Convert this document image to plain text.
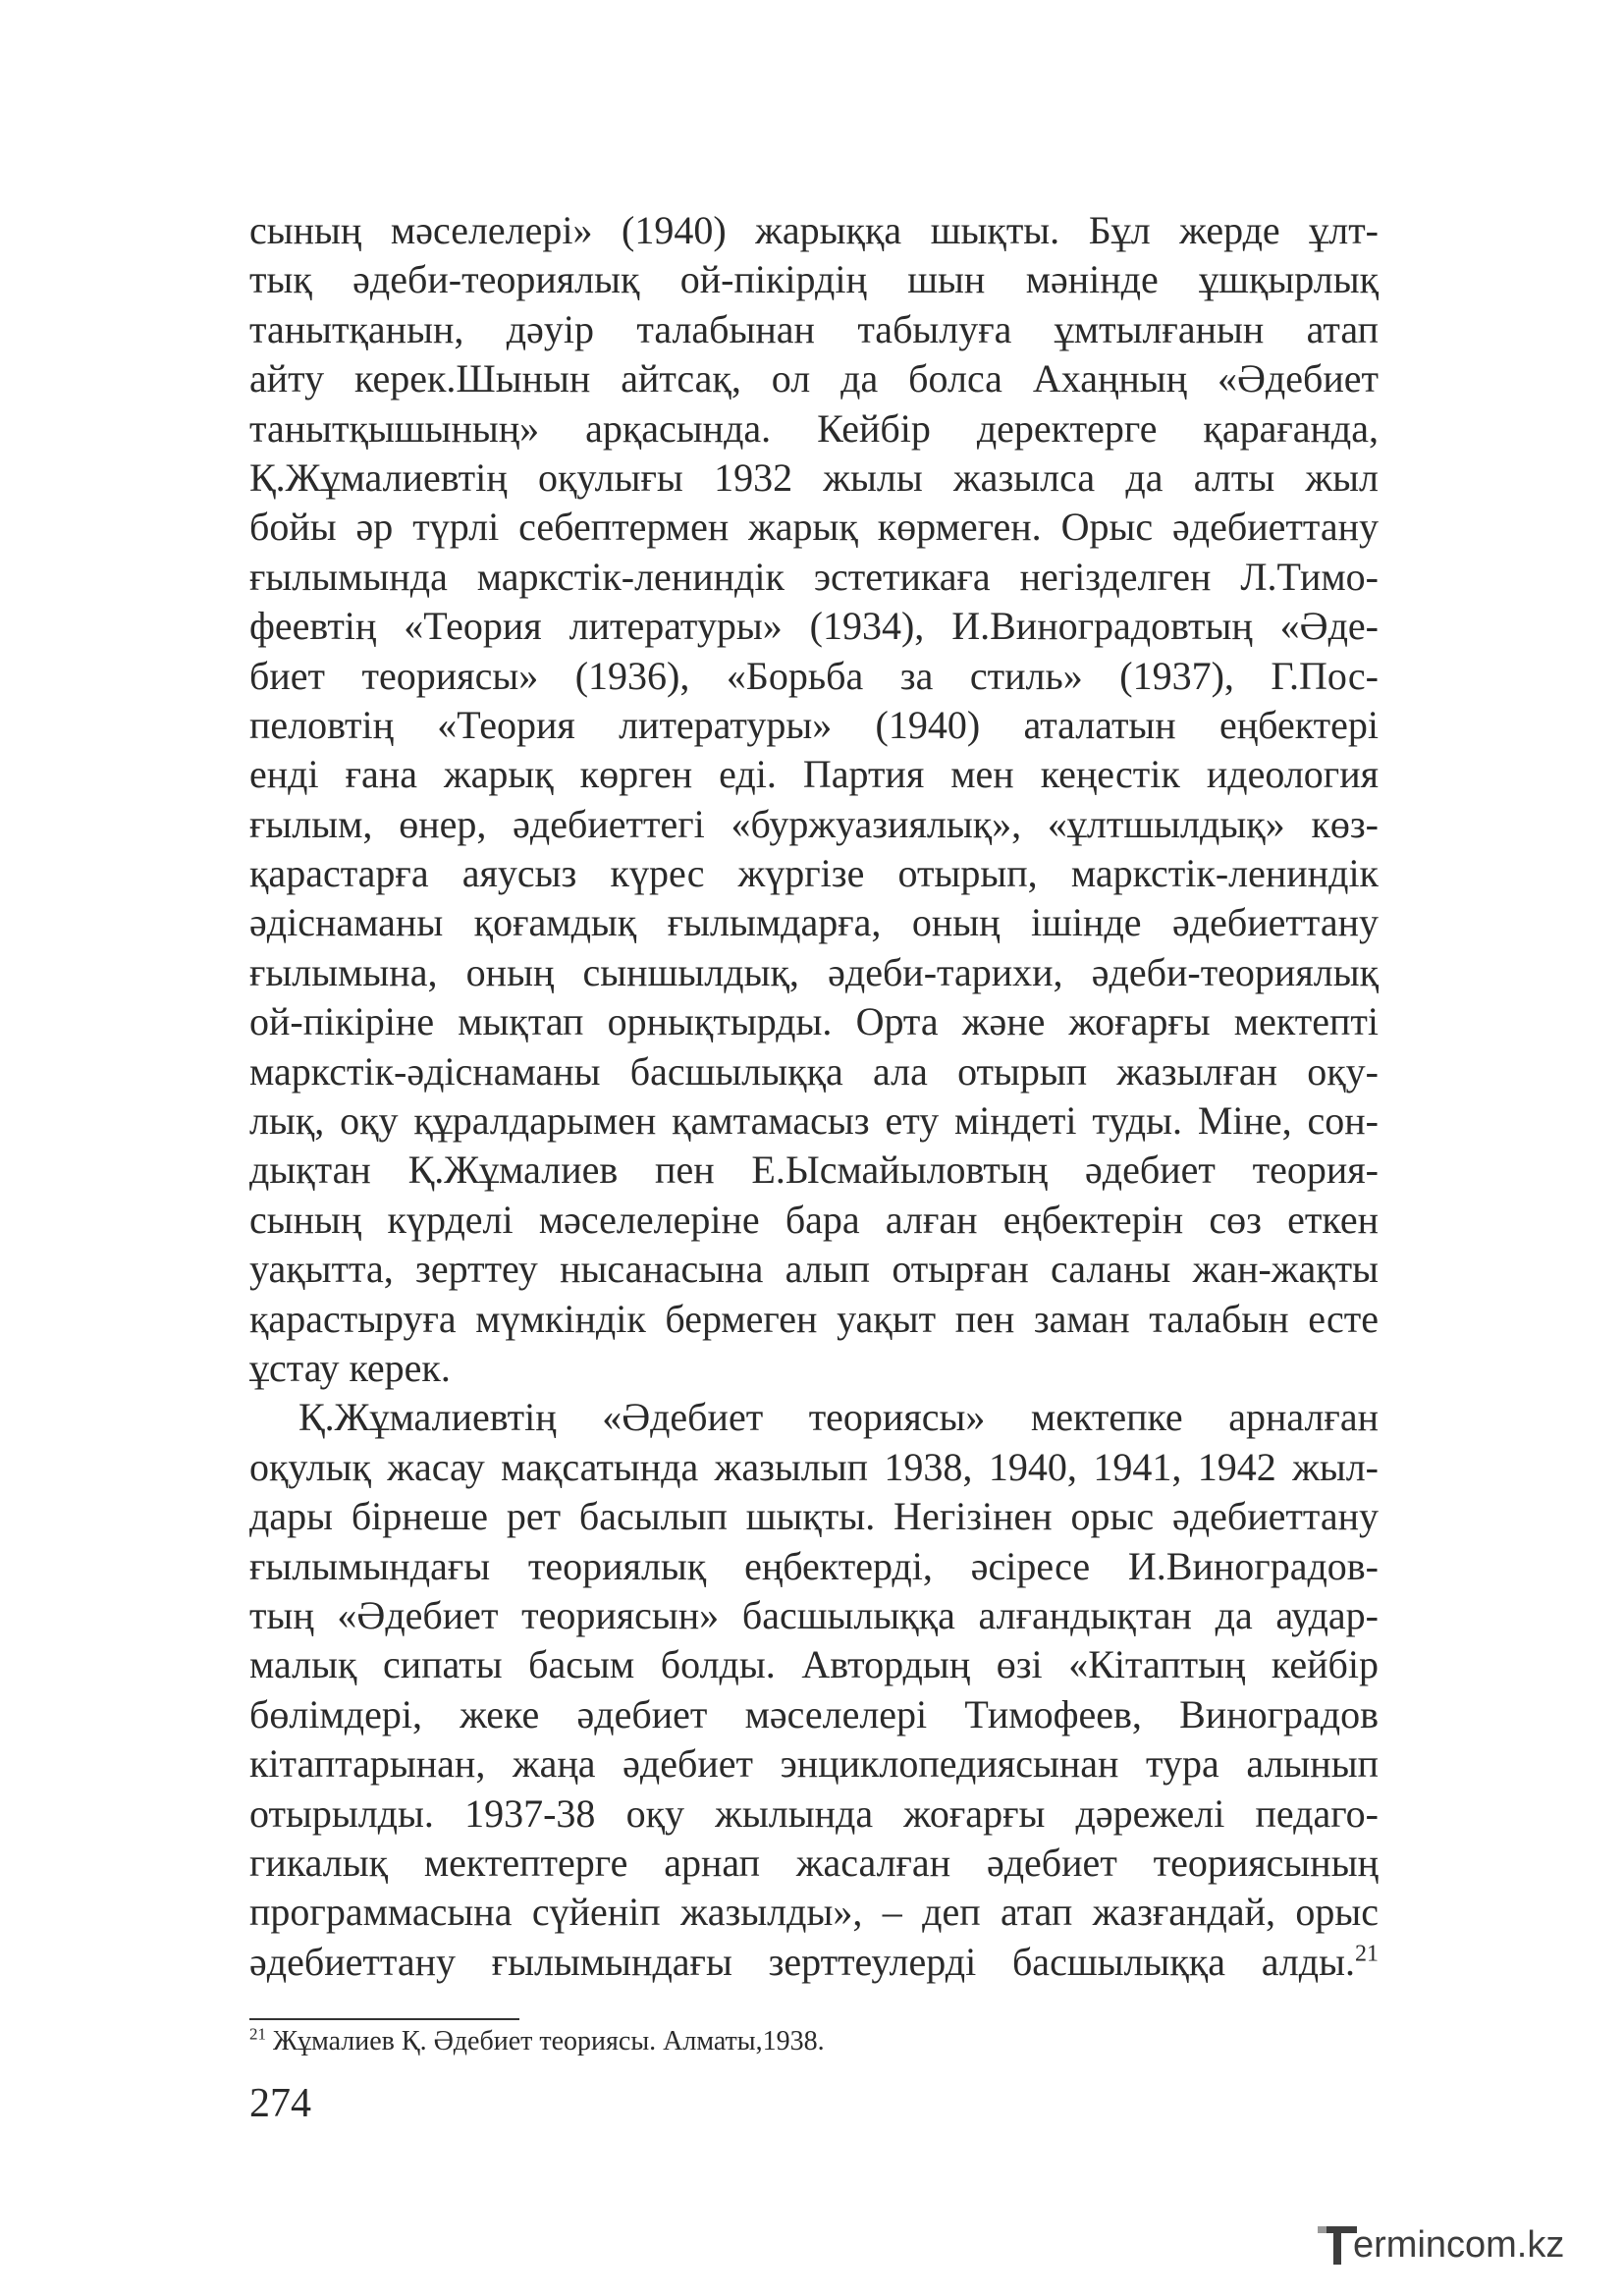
сының мәселелері» (1940) жарыққа шықты. Бұл жерде ұлт-
тық әдеби-теориялық ой-пікірдің шын мәнінде ұшқырлық
танытқанын, дәуір талабынан табылуға ұмтылғанын атап
айту керек.Шынын айтсақ, ол да болса Ахаңның «Әдебиет
танытқышының» арқасында. Кейбір деректерге қарағанда,
Қ.Жұмалиевтің оқулығы 1932 жылы жазылса да алты жыл
бойы әр түрлі себептермен жарық көрмеген. Орыс әдебиеттану
ғылымында маркстік-лениндік эстетикаға негізделген Л.Тимо-
феевтің «Теория литературы» (1934), И.Виноградовтың «Әде-
биет теориясы» (1936), «Борьба за стиль» (1937), Г.Пос-
пеловтің «Теория литературы» (1940) аталатын еңбектері
енді ғана жарық көрген еді. Партия мен кеңестік идеология
ғылым, өнер, әдебиеттегі «буржуазиялық», «ұлтшылдық» көз-
қарастарға аяусыз күрес жүргізе отырып, маркстік-лениндік
әдіснаманы қоғамдық ғылымдарға, оның ішінде әдебиеттану
ғылымына, оның сыншылдық, әдеби-тарихи, әдеби-теориялық
ой-пікіріне мықтап орнықтырды. Орта және жоғарғы мектепті
маркстік-әдіснаманы басшылыққа ала отырып жазылған оқу-
лық, оқу құралдарымен қамтамасыз ету міндеті туды. Міне, сон-
дықтан Қ.Жұмалиев пен Е.Ысмайыловтың әдебиет теория-
сының күрделі мәселелеріне бара алған еңбектерін сөз еткен
уақытта, зерттеу нысанасына алып отырған саланы жан-жақты
қарастыруға мүмкіндік бермеген уақыт пен заман талабын есте
ұстау керек.
Қ.Жұмалиевтің «Әдебиет теориясы» мектепке арналған
оқулық жасау мақсатында жазылып 1938, 1940, 1941, 1942 жыл-
дары бірнеше рет басылып шықты. Негізінен орыс әдебиеттану
ғылымындағы теориялық еңбектерді, әсіресе И.Виноградов-
тың «Әдебиет теориясын» басшылыққа алғандықтан да аудар-
малық сипаты басым болды. Автордың өзі «Кітаптың кейбір
бөлімдері, жеке әдебиет мәселелері Тимофеев, Виноградов
кітаптарынан, жаңа әдебиет энциклопедиясынан тура алынып
отырылды. 1937-38 оқу жылында жоғарғы дәрежелі педаго-
гикалық мектептерге арнап жасалған әдебиет теориясының
программасына сүйеніп жазылды», – деп атап жазғандай, орыс
әдебиеттану ғылымындағы зерттеулерді басшылыққа алды.$^{21}$
$^{21}$ Жұмалиев Қ. Әдебиет теориясы. Алматы,1938.
274
ermincom.kz
